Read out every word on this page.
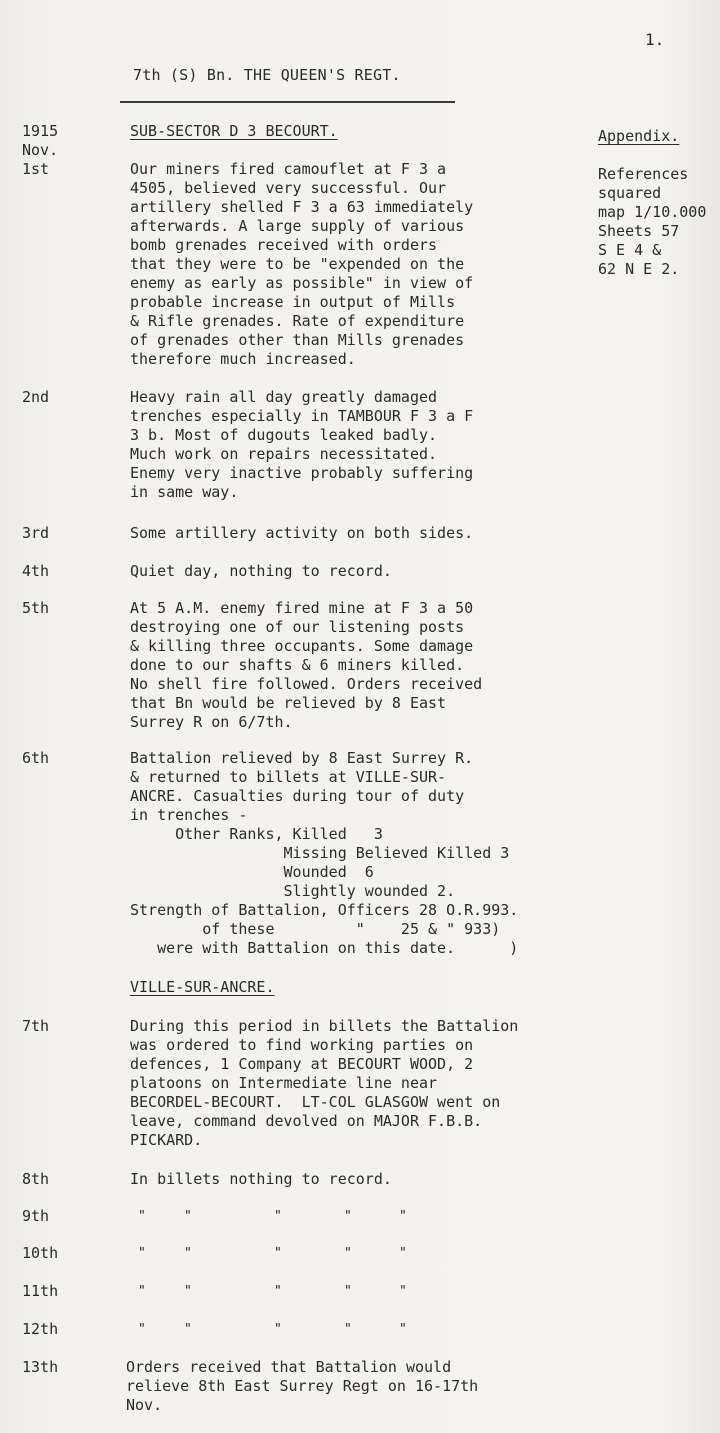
1.
7th (S) Bn. THE QUEEN'S REGT.
SUB-SECTOR D 3 BECOURT.	Appendix.
References
squared
map 1/10.000
Sheets 57
S E 4 &
62 N E 2.
1915
Nov.
1st	Our miners fired camouflet at F 3 a
4505, believed very successful. Our
artillery shelled F 3 a 63 immediately
afterwards. A large supply of various
bomb grenades received with orders
that they were to be "expended on the
enemy as early as possible" in view of
probable increase in output of Mills
& Rifle grenades. Rate of expenditure
of grenades other than Mills grenades
therefore much increased.
2nd	Heavy rain all day greatly damaged
trenches especially in TAMBOUR F 3 a F
3 b. Most of dugouts leaked badly.
Much work on repairs necessitated.
Enemy very inactive probably suffering
in same way.
3rd	Some artillery activity on both sides.
4th	Quiet day, nothing to record.
5th	At 5 A.M. enemy fired mine at F 3 a 50
destroying one of our listening posts
& killing three occupants. Some damage
done to our shafts & 6 miners killed.
No shell fire followed. Orders received
that Bn would be relieved by 8 East
Surrey R on 6/7th.
6th	Battalion relieved by 8 East Surrey R.
& returned to billets at VILLE-SUR-
ANCRE. Casualties during tour of duty
in trenches -
Other Ranks, Killed   3
Missing Believed Killed 3
Wounded  6
Slightly wounded 2.
Strength of Battalion, Officers 28 O.R.993.
of these         "    25 & " 933)
were with Battalion on this date.      )
VILLE-SUR-ANCRE.
7th	During this period in billets the Battalion
was ordered to find working parties on
defences, 1 Company at BECOURT WOOD, 2
platoons on Intermediate line near
BECORDEL-BECOURT.  LT-COL GLASGOW went on
leave, command devolved on MAJOR F.B.B.
PICKARD.
8th	In billets nothing to record.
9th	"	"	"	"	"
10th	"	"	"	"	"
11th	"	"	"	"	"
12th	"	"	"	"	"
13th	Orders received that Battalion would
relieve 8th East Surrey Regt on 16-17th
Nov.
